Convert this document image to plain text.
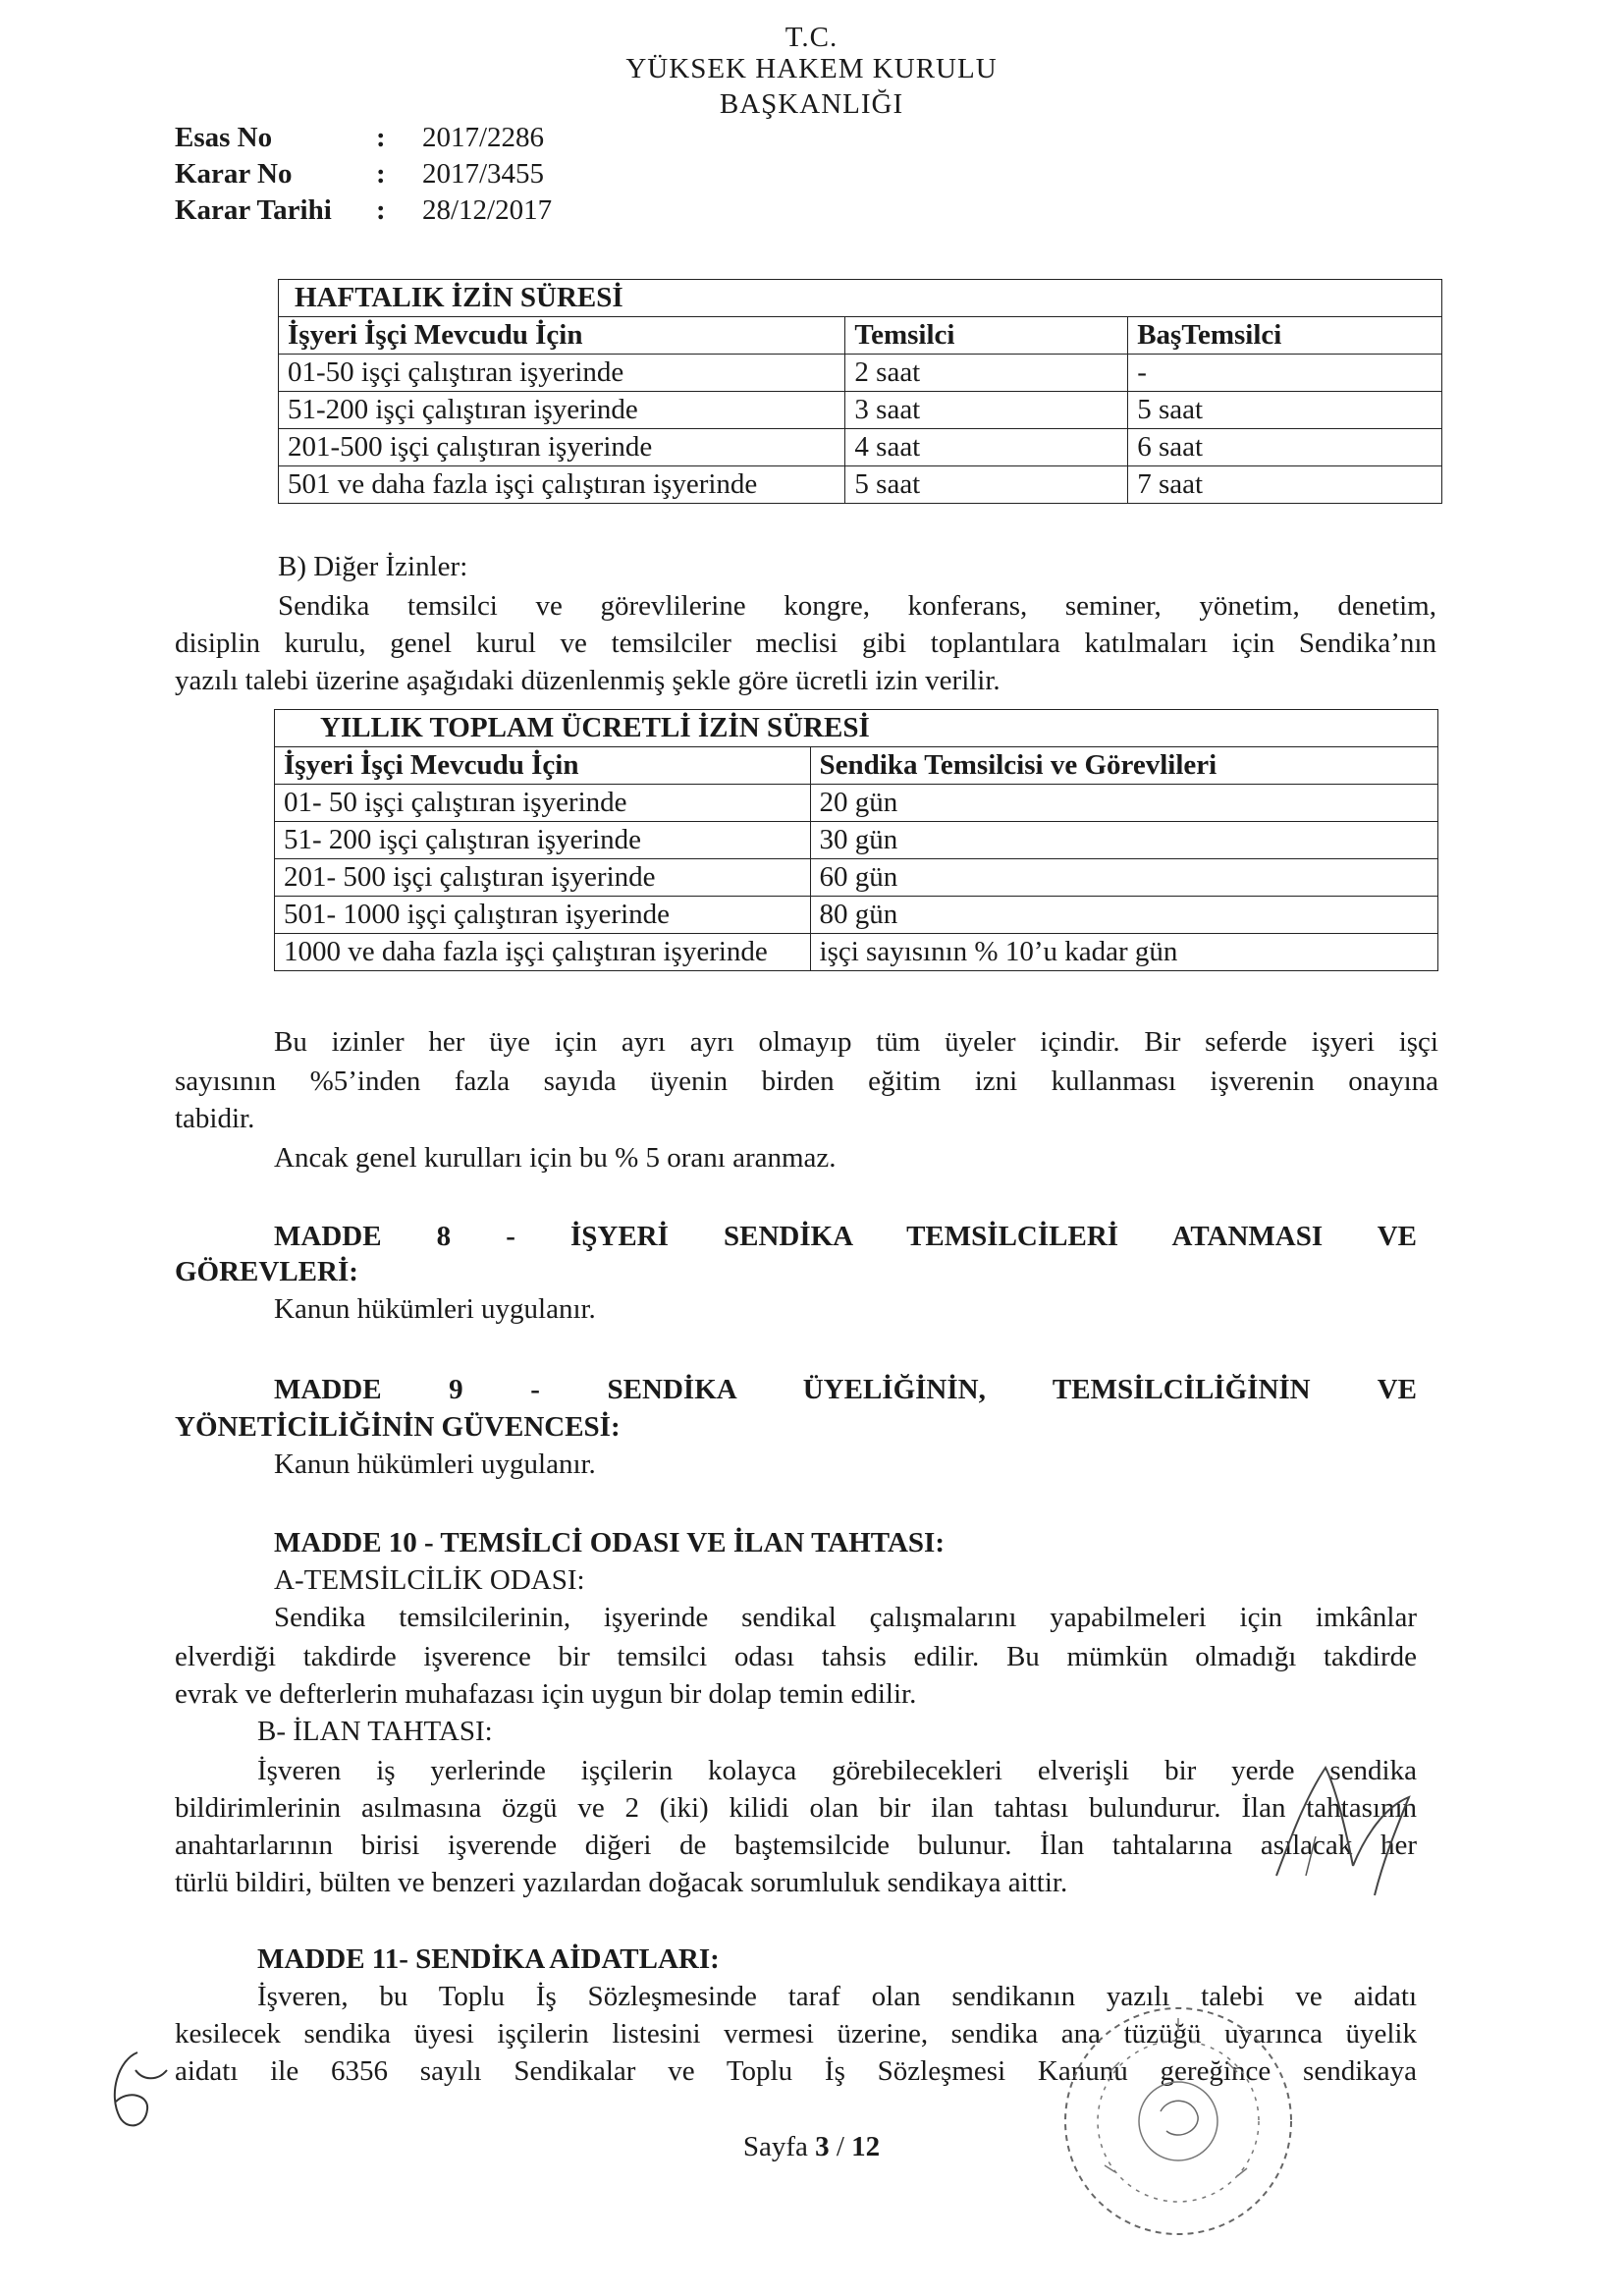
T.C.
YÜKSEK HAKEM KURULU
BAŞKANLIĞI
Esas No	: 2017/2286
Karar No	: 2017/3455
Karar Tarihi : 28/12/2017
HAFTALIK İZİN SÜRESİ		
İşyeri İşçi Mevcudu İçin	Temsilci	BaşTemsilci
01-50 işçi çalıştıran işyerinde	2 saat	-
51-200 işçi çalıştıran işyerinde	3 saat	5 saat
201-500 işçi çalıştıran işyerinde	4 saat	6 saat
501 ve daha fazla işçi çalıştıran işyerinde	5 saat	7 saat
B) Diğer İzinler:
Sendika temsilci ve görevlilerine kongre, konferans, seminer, yönetim, denetim,
disiplin kurulu, genel kurul ve temsilciler meclisi gibi toplantılara katılmaları için Sendika’nın
yazılı talebi üzerine aşağıdaki düzenlenmiş şekle göre ücretli izin verilir.
YILLIK TOPLAM ÜCRETLİ İZİN SÜRESİ	
İşyeri İşçi Mevcudu İçin	Sendika Temsilcisi ve Görevlileri
01- 50 işçi çalıştıran işyerinde	20 gün
51- 200 işçi çalıştıran işyerinde	30 gün
201- 500 işçi çalıştıran işyerinde	60 gün
501- 1000 işçi çalıştıran işyerinde	80 gün
1000 ve daha fazla işçi çalıştıran işyerinde	işçi sayısının % 10’u kadar gün
Bu izinler her üye için ayrı ayrı olmayıp tüm üyeler içindir. Bir seferde işyeri işçi
sayısının %5’inden fazla sayıda üyenin birden eğitim izni kullanması işverenin onayına
tabidir.
Ancak genel kurulları için bu % 5 oranı aranmaz.
MADDE 8 - İŞYERİ SENDİKA TEMSİLCİLERİ ATANMASI VE
GÖREVLERİ:
Kanun hükümleri uygulanır.
MADDE 9 - SENDİKA ÜYELİĞİNİN, TEMSİLCİLİĞİNİN VE
YÖNETİCİLİĞİNİN GÜVENCESİ:
Kanun hükümleri uygulanır.
MADDE 10 - TEMSİLCİ ODASI VE İLAN TAHTASI:
A-TEMSİLCİLİK ODASI:
Sendika temsilcilerinin, işyerinde sendikal çalışmalarını yapabilmeleri için imkânlar
elverdiği takdirde işverence bir temsilci odası tahsis edilir. Bu mümkün olmadığı takdirde
evrak ve defterlerin muhafazası için uygun bir dolap temin edilir.
B- İLAN TAHTASI:
İşveren iş yerlerinde işçilerin kolayca görebilecekleri elverişli bir yerde sendika
bildirimlerinin asılmasına özgü ve 2 (iki) kilidi olan bir ilan tahtası bulundurur. İlan tahtasının
anahtarlarının birisi işverende diğeri de baştemsilcide bulunur. İlan tahtalarına asılacak her
türlü bildiri, bülten ve benzeri yazılardan doğacak sorumluluk sendikaya aittir.
MADDE 11- SENDİKA AİDATLARI:
İşveren, bu Toplu İş Sözleşmesinde taraf olan sendikanın yazılı talebi ve aidatı
kesilecek sendika üyesi işçilerin listesini vermesi üzerine, sendika ana tüzüğü uyarınca üyelik
aidatı ile 6356 sayılı Sendikalar ve Toplu İş Sözleşmesi Kanunu gereğince sendikaya
Sayfa 3 / 12
